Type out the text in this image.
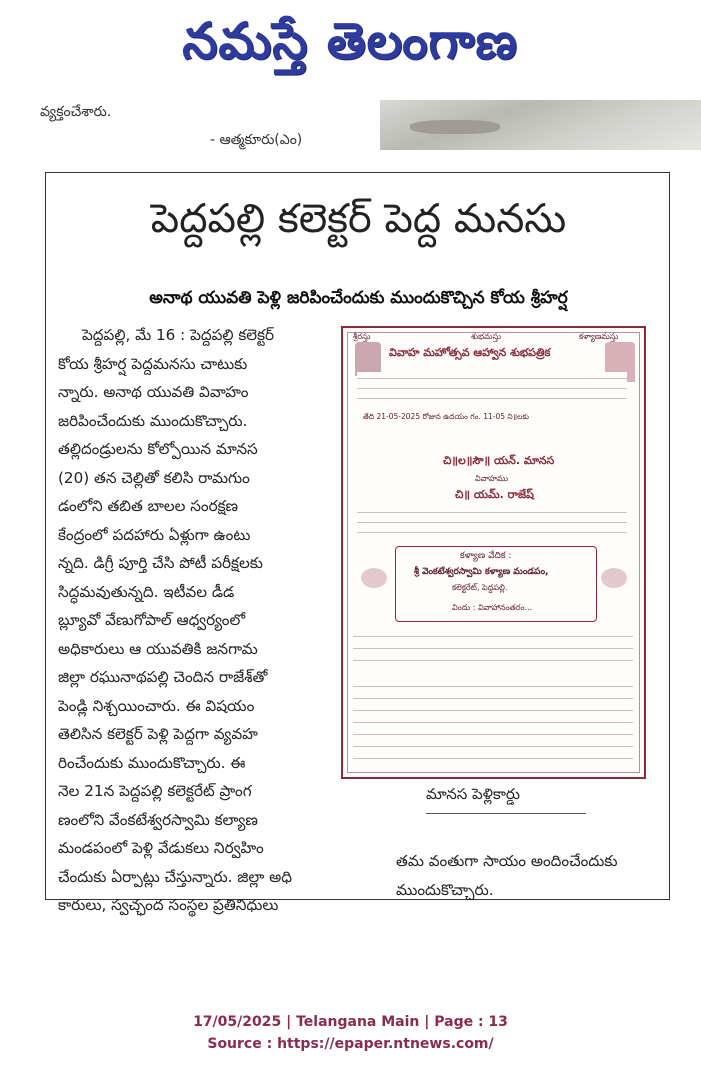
నమస్తే తెలంగాణ
వ్యక్తంచేశారు.
- ఆత్మకూరు(ఎం)
పెద్దపల్లి కలెక్టర్ పెద్ద మనసు
అనాథ యువతి పెళ్లి జరిపించేందుకు ముందుకొచ్చిన కోయ శ్రీహర్ష
పెద్దపల్లి, మే 16 : పెద్దపల్లి కలెక్టర్
కోయ శ్రీహర్ష పెద్దమనసు చాటుకు
న్నారు. అనాథ యువతి వివాహం
జరిపించేందుకు ముందుకొచ్చారు.
తల్లిదండ్రులను కోల్పోయిన మానస
(20) తన చెల్లితో కలిసి రామగుం
డంలోని తబిత బాలల సంరక్షణ
కేంద్రంలో పదహారు ఏళ్లుగా ఉంటు
న్నది. డిగ్రీ పూర్తి చేసి పోటీ పరీక్షలకు
సిద్ధమవుతున్నది. ఇటీవల డీడ
బ్ల్యూవో వేణుగోపాల్ ఆధ్వర్యంలో
అధికారులు ఆ యువతికి జనగామ
జిల్లా రఘునాథపల్లి చెందిన రాజేశ్‌తో
పెండ్లి నిశ్చయించారు. ఈ విషయం
తెలిసిన కలెక్టర్ పెళ్లి పెద్దగా వ్యవహ
రించేందుకు ముందుకొచ్చారు. ఈ
నెల 21న పెద్దపల్లి కలెక్టరేట్ ప్రాంగ
ణంలోని వేంకటేశ్వరస్వామి కల్యాణ
మండపంలో పెళ్లి వేడుకలు నిర్వహిం
చేందుకు ఏర్పాట్లు చేస్తున్నారు. జిల్లా అధి
కారులు, స్వచ్ఛంద సంస్థల ప్రతినిధులు
శ్రీరస్తు	శుభమస్తు	కళ్యాణమస్తు
వివాహ మహోత్సవ ఆహ్వాన శుభపత్రిక
తేది 21-05-2025 రోజున ఉదయం గం. 11-05 ని॥లకు
చి॥ల॥సౌ॥ యన్. మానస
వివాహము
చి॥ యమ్. రాజేష్
కళ్యాణ వేదిక :
శ్రీ వెంకటేశ్వరస్వామి కళ్యాణ మండపం,
కలెక్టరేట్, పెద్దపల్లి.
విందు : వివాహానంతరం...
మానస పెళ్లికార్డు
తమ వంతుగా సాయం అందించేందుకు
ముందుకొచ్చారు.
17/05/2025 | Telangana Main | Page : 13
Source : https://epaper.ntnews.com/
